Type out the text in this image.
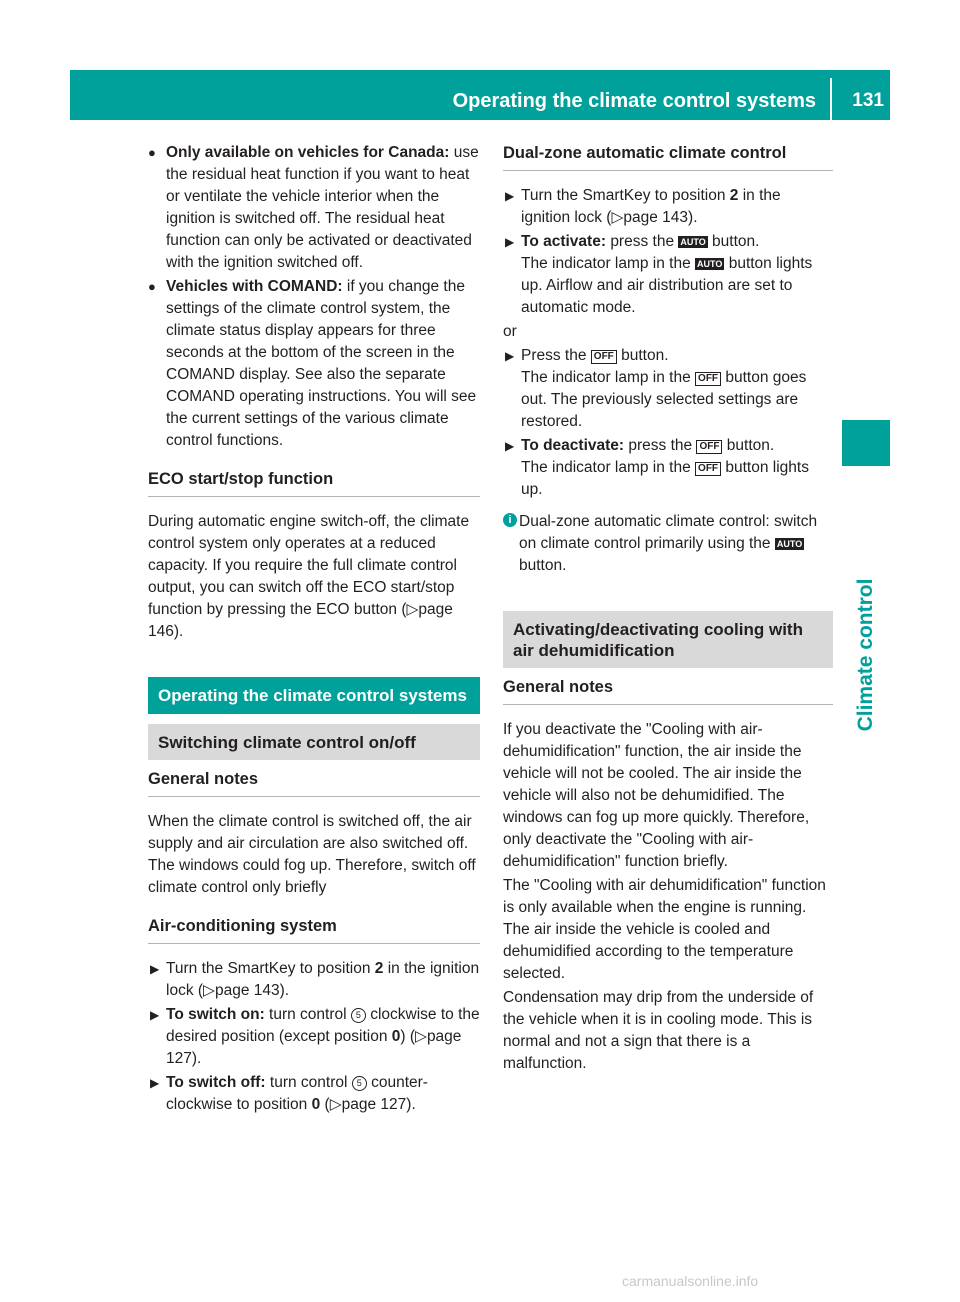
Operating the climate control systems 131
Climate control
● Only available on vehicles for Canada: use the residual heat function if you want to heat or ventilate the vehicle interior when the ignition is switched off. The residual heat function can only be activated or deactivated with the ignition switched off.
● Vehicles with COMAND: if you change the settings of the climate control system, the climate status display appears for three seconds at the bottom of the screen in the COMAND display. See also the separate COMAND operating instructions. You will see the current settings of the various climate control functions.
ECO start/stop function

During automatic engine switch-off, the climate control system only operates at a reduced capacity. If you require the full climate control output, you can switch off the ECO start/stop function by pressing the ECO button (▷page 146).

Operating the climate control systems
Switching climate control on/off
General notes

When the climate control is switched off, the air supply and air circulation are also switched off. The windows could fog up. Therefore, switch off climate control only briefly

Air-conditioning system
▶ Turn the SmartKey to position 2 in the ignition lock (▷page 143).
▶ To switch on: turn control 5 clockwise to the desired position (except position 0) (▷page 127).
▶ To switch off: turn control 5 counter-clockwise to position 0 (▷page 127).
Dual-zone automatic climate control
▶ Turn the SmartKey to position 2 in the ignition lock (▷page 143).
▶ To activate: press the AUTO button.
The indicator lamp in the AUTO button lights up. Airflow and air distribution are set to automatic mode.

or

▶ Press the OFF button.
The indicator lamp in the OFF button goes out. The previously selected settings are restored.
▶ To deactivate: press the OFF button.
The indicator lamp in the OFF button lights up.
i Dual-zone automatic climate control: switch on climate control primarily using the AUTO button.
Activating/deactivating cooling with air dehumidification
General notes

If you deactivate the "Cooling with air-dehumidification" function, the air inside the vehicle will not be cooled. The air inside the vehicle will also not be dehumidified. The windows can fog up more quickly. Therefore, only deactivate the "Cooling with air-dehumidification" function briefly.

The "Cooling with air dehumidification" function is only available when the engine is running. The air inside the vehicle is cooled and dehumidified according to the temperature selected.

Condensation may drip from the underside of the vehicle when it is in cooling mode. This is normal and not a sign that there is a malfunction.

carmanualsonline.info
